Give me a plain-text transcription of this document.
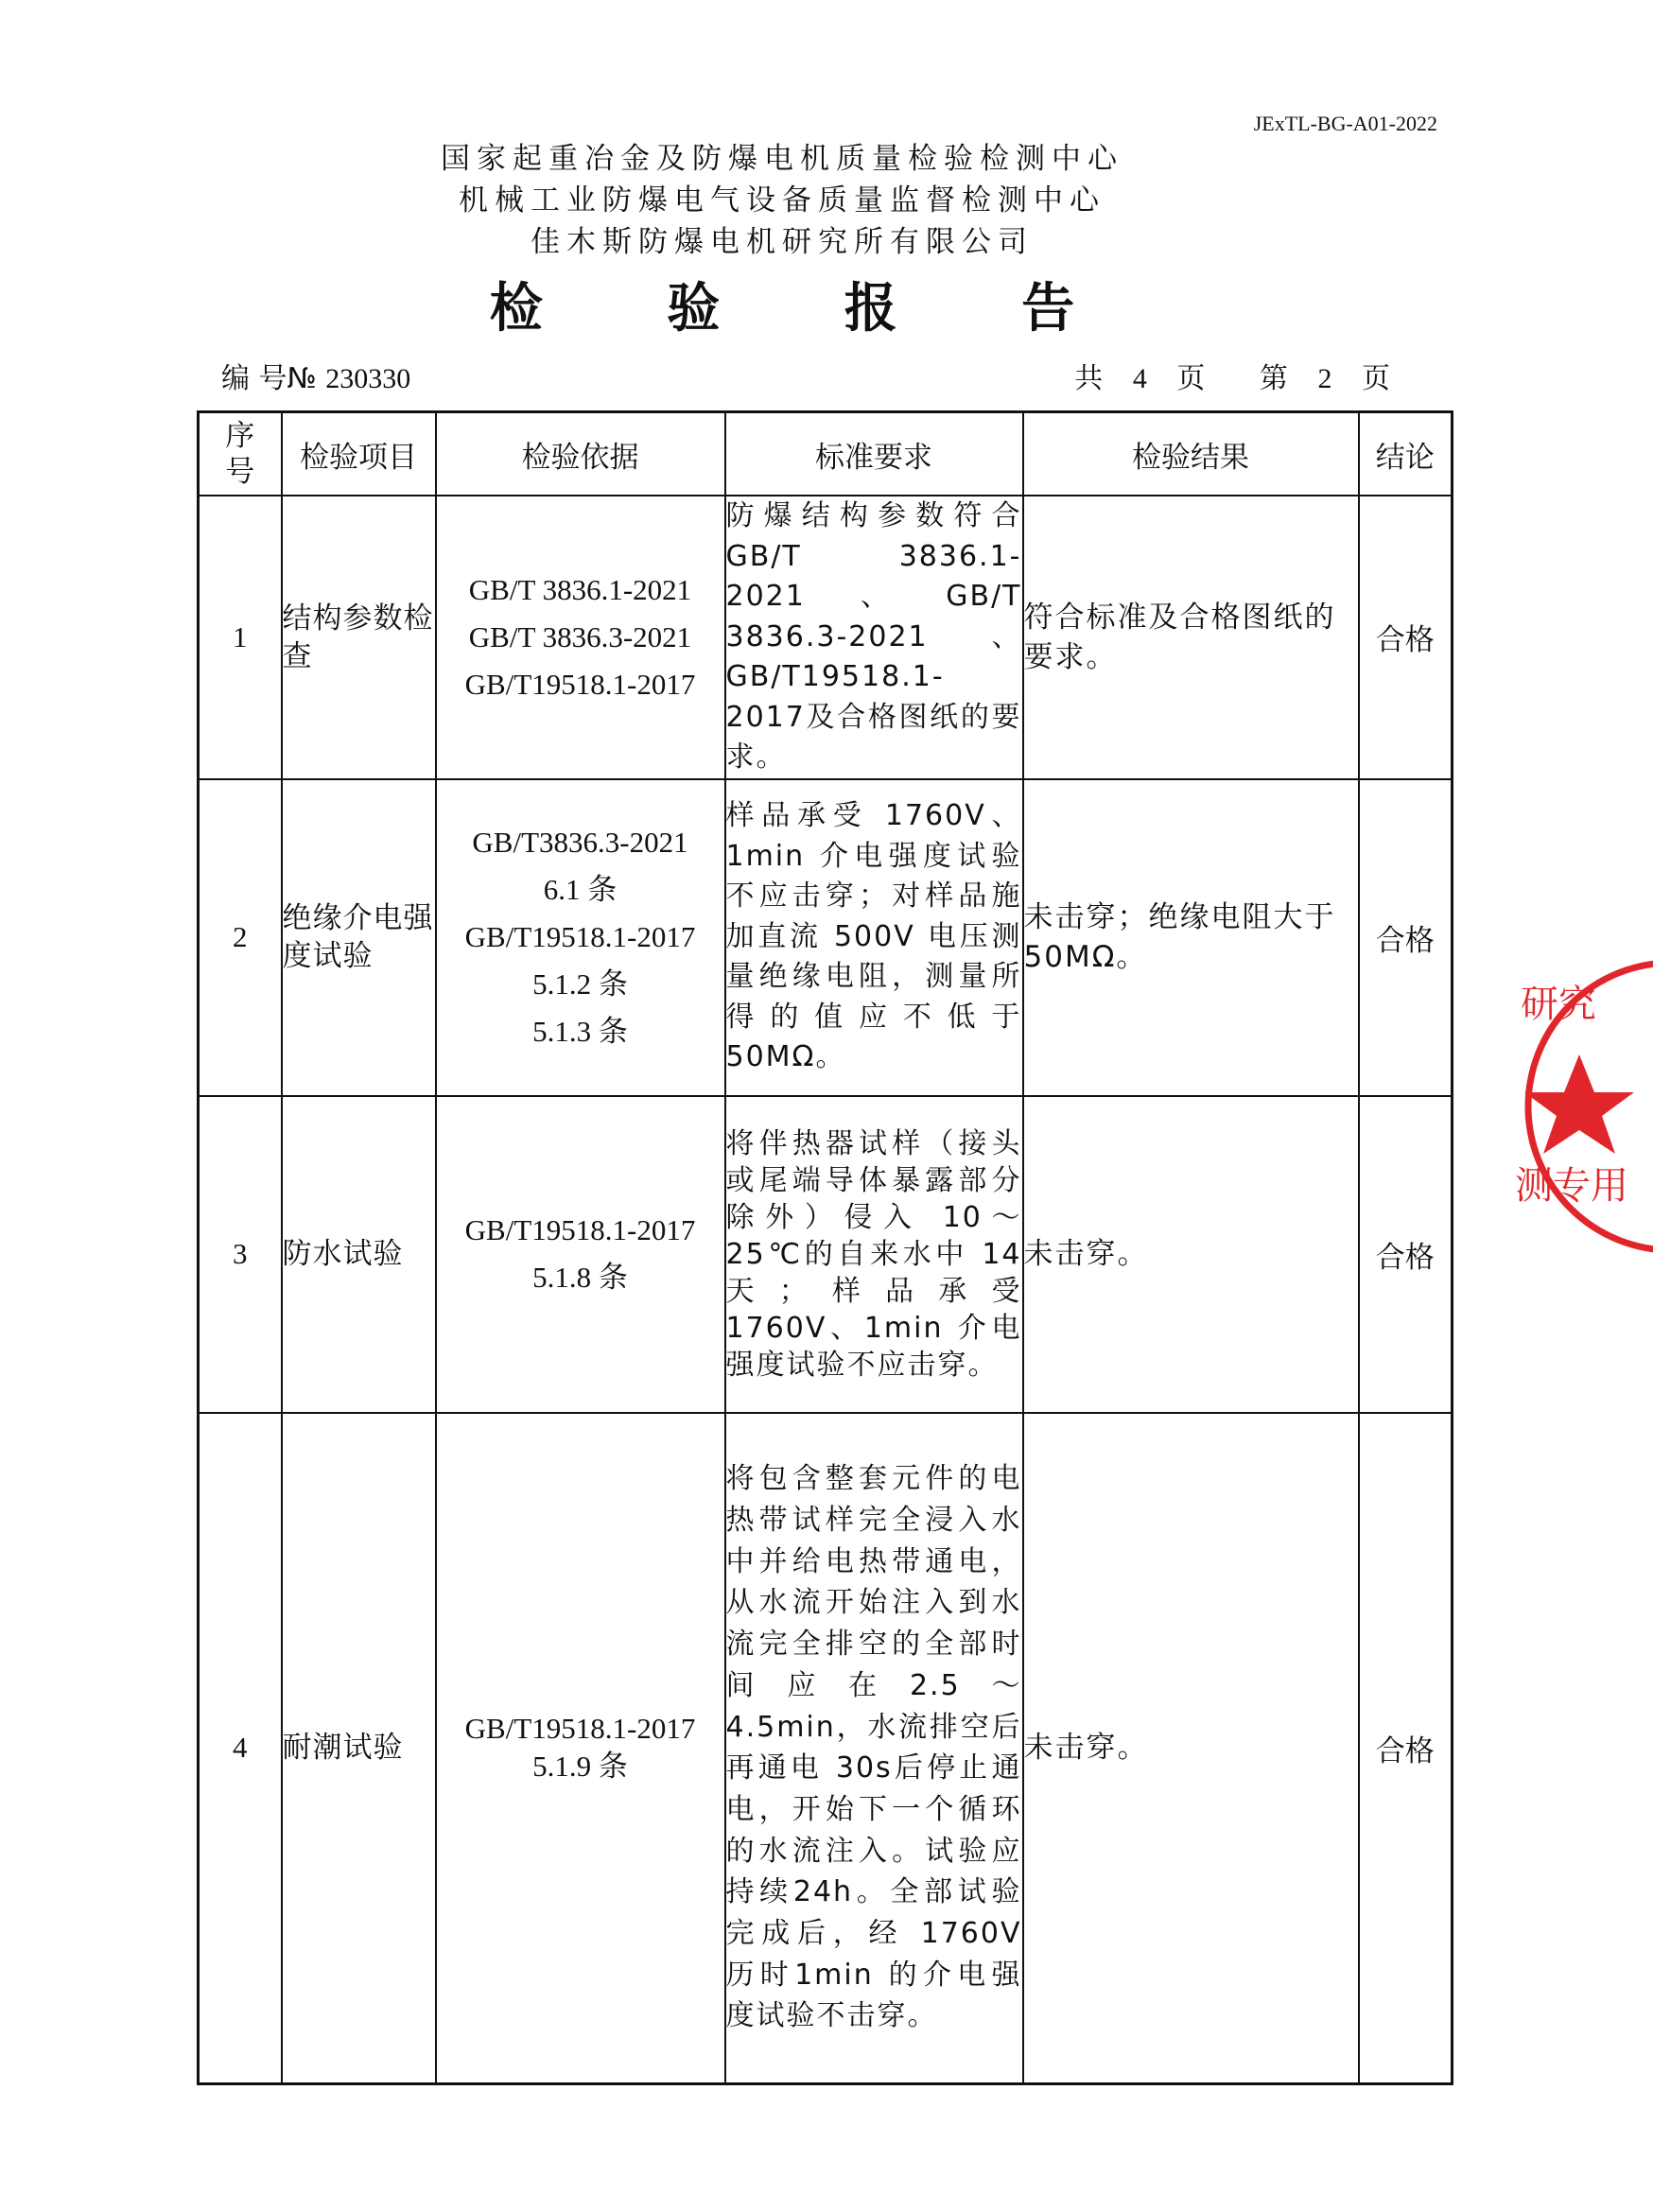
JExTL-BG-A01-2022
国家起重冶金及防爆电机质量检验检测中心
机械工业防爆电气设备质量监督检测中心
佳木斯防爆电机研究所有限公司
检 验 报 告
编 号№ 230330	共 4 页 第 2 页
序号	检验项目	检验依据	标准要求	检验结果	结论
1	结构参数检查	GB/T 3836.1-2021
GB/T 3836.3-2021
GB/T19518.1-2017	防爆结构参数符合GB/T 3836.1-2021、GB/T 3836.3-2021、GB/T19518.1-2017及合格图纸的要求。	符合标准及合格图纸的要求。	合格
2	绝缘介电强度试验	GB/T3836.3-2021
6.1 条
GB/T19518.1-2017
5.1.2 条
5.1.3 条	样品承受 1760V、1min 介电强度试验不应击穿；对样品施加直流 500V 电压测量绝缘电阻，测量所得的值应不低于50MΩ。	未击穿；绝缘电阻大于50MΩ。	合格
3	防水试验	GB/T19518.1-2017
5.1.8 条	将伴热器试样（接头或尾端导体暴露部分除外）侵入 10～25℃的自来水中 14 天；样品承受1760V、1min 介电强度试验不应击穿。	未击穿。	合格
4	耐潮试验	GB/T19518.1-2017
5.1.9 条	将包含整套元件的电热带试样完全浸入水中并给电热带通电，从水流开始注入到水流完全排空的全部时间应在2.5～4.5min，水流排空后再通电 30s后停止通电，开始下一个循环的水流注入。试验应持续24h。全部试验完成后，经 1760V 历时1min 的介电强度试验不击穿。	未击穿。	合格
研究
测专用
